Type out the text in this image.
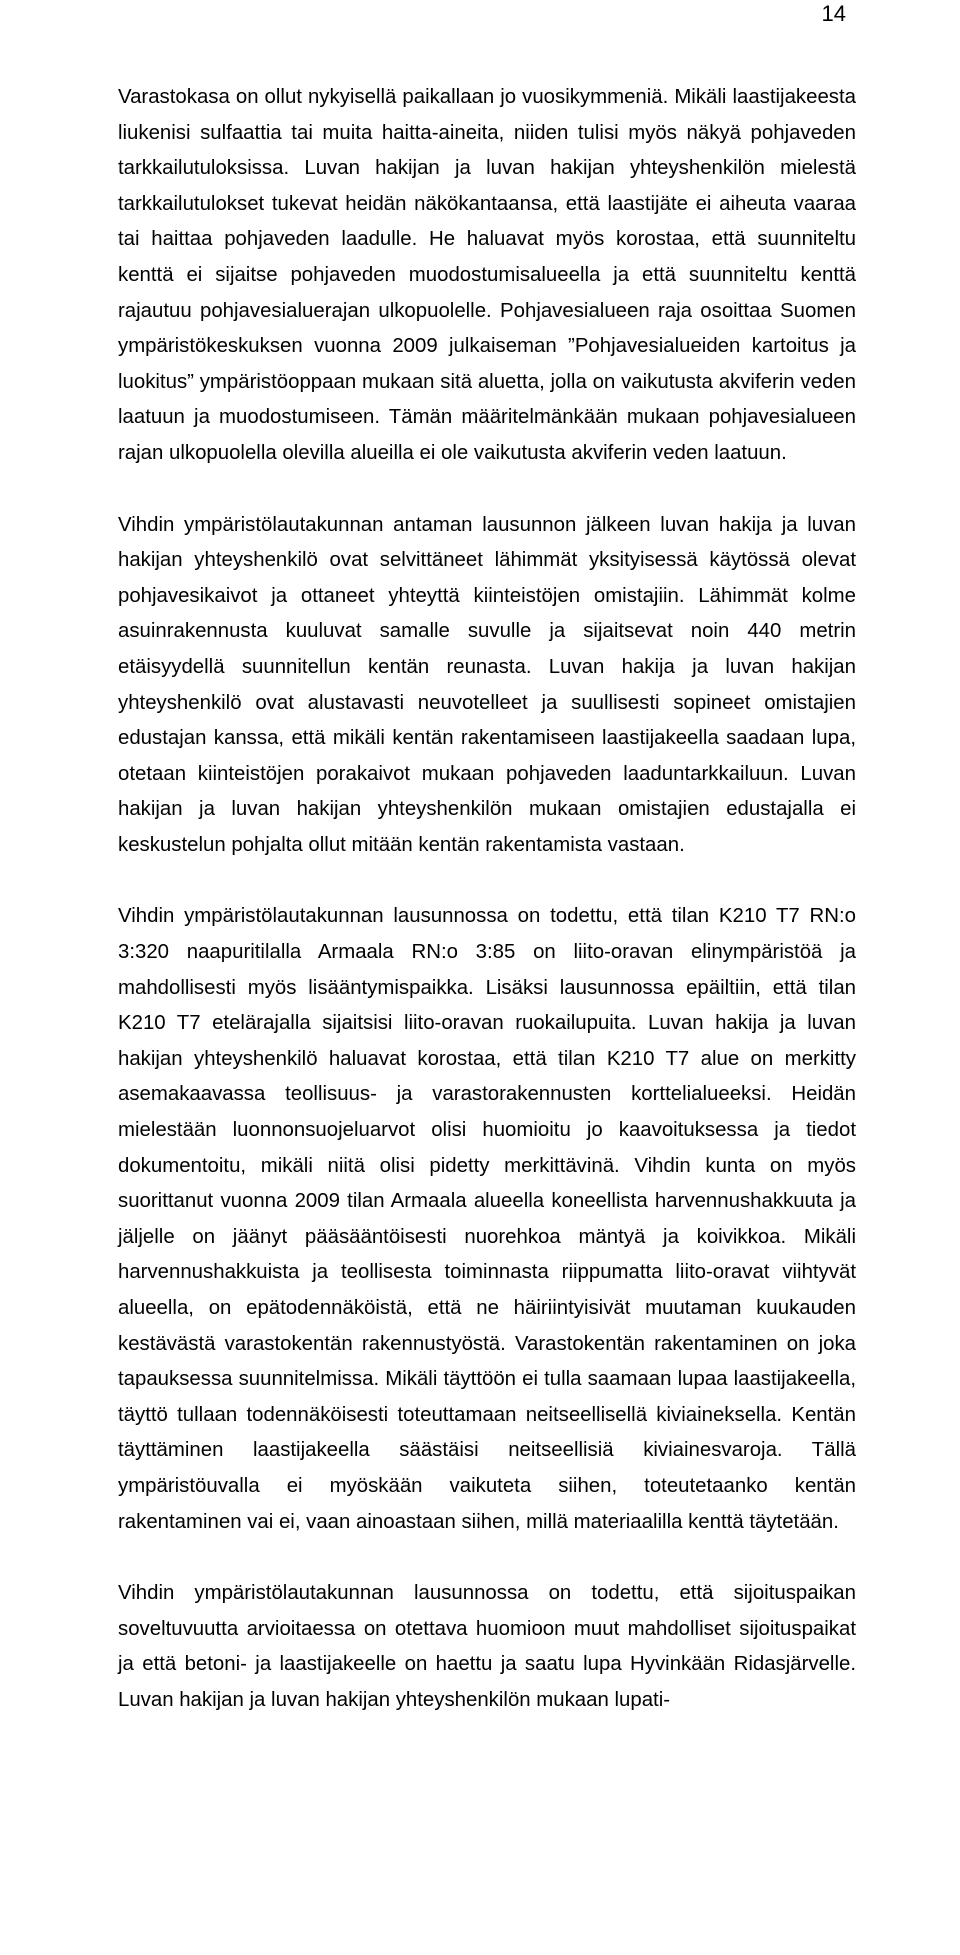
14

Varastokasa on ollut nykyisellä paikallaan jo vuosikymmeniä. Mikäli laastijakeesta liukenisi sulfaattia tai muita haitta-aineita, niiden tulisi myös näkyä pohjaveden tarkkailutuloksissa. Luvan hakijan ja luvan hakijan yhteyshenkilön mielestä tarkkailutulokset tukevat heidän näkökantaansa, että laastijäte ei aiheuta vaaraa tai haittaa pohjaveden laadulle. He haluavat myös korostaa, että suunniteltu kenttä ei sijaitse pohjaveden muodostumisalueella ja että suunniteltu kenttä rajautuu pohjavesialuerajan ulkopuolelle. Pohjavesialueen raja osoittaa Suomen ympäristökeskuksen vuonna 2009 julkaiseman ”Pohjavesialueiden kartoitus ja luokitus” ympäristöoppaan mukaan sitä aluetta, jolla on vaikutusta akviferin veden laatuun ja muodostumiseen. Tämän määritelmänkään mukaan pohjavesialueen rajan ulkopuolella olevilla alueilla ei ole vaikutusta akviferin veden laatuun.

Vihdin ympäristölautakunnan antaman lausunnon jälkeen luvan hakija ja luvan hakijan yhteyshenkilö ovat selvittäneet lähimmät yksityisessä käytössä olevat pohjavesikaivot ja ottaneet yhteyttä kiinteistöjen omistajiin. Lähimmät kolme asuinrakennusta kuuluvat samalle suvulle ja sijaitsevat noin 440 metrin etäisyydellä suunnitellun kentän reunasta. Luvan hakija ja luvan hakijan yhteyshenkilö ovat alustavasti neuvotelleet ja suullisesti sopineet omistajien edustajan kanssa, että mikäli kentän rakentamiseen laastijakeella saadaan lupa, otetaan kiinteistöjen porakaivot mukaan pohjaveden laaduntarkkailuun. Luvan hakijan ja luvan hakijan yhteyshenkilön mukaan omistajien edustajalla ei keskustelun pohjalta ollut mitään kentän rakentamista vastaan.

Vihdin ympäristölautakunnan lausunnossa on todettu, että tilan K210 T7 RN:o 3:320 naapuritilalla Armaala RN:o 3:85 on liito-oravan elinympäristöä ja mahdollisesti myös lisääntymispaikka. Lisäksi lausunnossa epäiltiin, että tilan K210 T7 etelärajalla sijaitsisi liito-oravan ruokailupuita. Luvan hakija ja luvan hakijan yhteyshenkilö haluavat korostaa, että tilan K210 T7 alue on merkitty asemakaavassa teollisuus- ja varastorakennusten korttelialueeksi. Heidän mielestään luonnonsuojeluarvot olisi huomioitu jo kaavoituksessa ja tiedot dokumentoitu, mikäli niitä olisi pidetty merkittävinä. Vihdin kunta on myös suorittanut vuonna 2009 tilan Armaala alueella koneellista harvennushakkuuta ja jäljelle on jäänyt pääsääntöisesti nuorehkoa mäntyä ja koivikkoa. Mikäli harvennushakkuista ja teollisesta toiminnasta riippumatta liito-oravat viihtyvät alueella, on epätodennäköistä, että ne häiriintyisivät muutaman kuukauden kestävästä varastokentän rakennustyöstä. Varastokentän rakentaminen on joka tapauksessa suunnitelmissa. Mikäli täyttöön ei tulla saamaan lupaa laastijakeella, täyttö tullaan todennäköisesti toteuttamaan neitseellisellä kiviaineksella. Kentän täyttäminen laastijakeella säästäisi neitseellisiä kiviainesvaroja. Tällä ympäristöuvalla ei myöskään vaikuteta siihen, toteutetaanko kentän rakentaminen vai ei, vaan ainoastaan siihen, millä materiaalilla kenttä täytetään.

Vihdin ympäristölautakunnan lausunnossa on todettu, että sijoituspaikan soveltuvuutta arvioitaessa on otettava huomioon muut mahdolliset sijoituspaikat ja että betoni- ja laastijakeelle on haettu ja saatu lupa Hyvinkään Ridasjärvelle. Luvan hakijan ja luvan hakijan yhteyshenkilön mukaan lupati-
